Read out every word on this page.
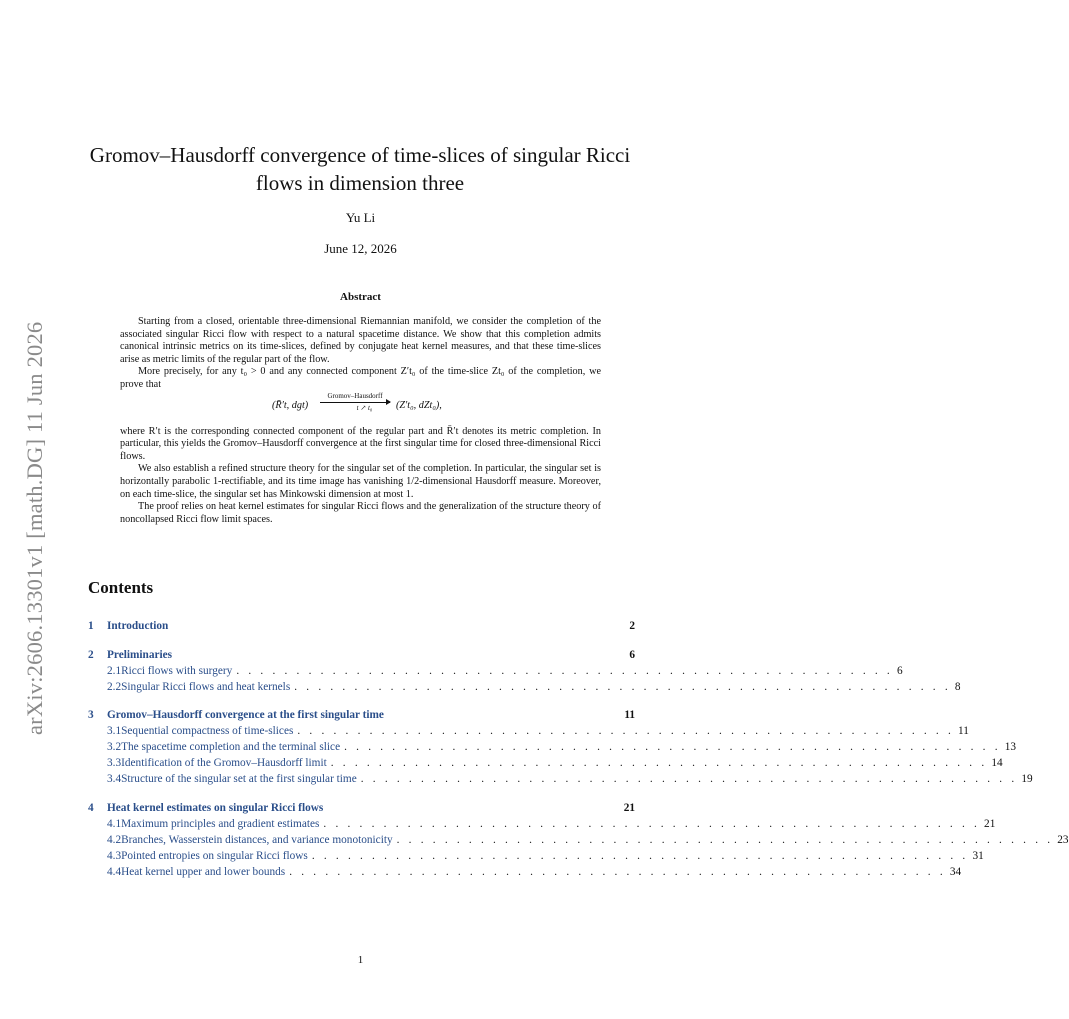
arXiv:2606.13301v1 [math.DG] 11 Jun 2026
Gromov–Hausdorff convergence of time-slices of singular Ricci flows in dimension three
Yu Li
June 12, 2026
Abstract

Starting from a closed, orientable three-dimensional Riemannian manifold, we consider the completion of the associated singular Ricci flow with respect to a natural spacetime distance. We show that this completion admits canonical intrinsic metrics on its time-slices, defined by conjugate heat kernel measures, and that these time-slices arise as metric limits of the regular part of the flow.

More precisely, for any t₀ > 0 and any connected component Z′t₀ of the time-slice Zt₀ of the completion, we prove that

(R̄′t, dgt)
Gromov–Hausdorff
t ↗ t₀	(Z′t₀, dZt₀),

where R′t is the corresponding connected component of the regular part and R̄′t denotes its metric completion. In particular, this yields the Gromov–Hausdorff convergence at the first singular time for closed three-dimensional Ricci flows.

We also establish a refined structure theory for the singular set of the completion. In particular, the singular set is horizontally parabolic 1-rectifiable, and its time image has vanishing 1/2-dimensional Hausdorff measure. Moreover, on each time-slice, the singular set has Minkowski dimension at most 1.

The proof relies on heat kernel estimates for singular Ricci flows and the generalization of the structure theory of noncollapsed Ricci flow limit spaces.

Contents
1	Introduction	2
2	Preliminaries	6
2.1 Ricci flows with surgery . . . . . . . . . . . . . . . . . . . . . . . . . . . . . . . . . . . . . . . . . . . . . . . . . . . . . . . 6
2.2 Singular Ricci flows and heat kernels . . . . . . . . . . . . . . . . . . . . . . . . . . . . . . . . . . . . . . . . . . . . . . . . . . . . . . . 8
3	Gromov–Hausdorff convergence at the first singular time	11
3.1 Sequential compactness of time-slices . . . . . . . . . . . . . . . . . . . . . . . . . . . . . . . . . . . . . . . . . . . . . . . . . . . . . . . 11
3.2 The spacetime completion and the terminal slice . . . . . . . . . . . . . . . . . . . . . . . . . . . . . . . . . . . . . . . . . . . . . . . . . . . . . . . 13
3.3 Identification of the Gromov–Hausdorff limit . . . . . . . . . . . . . . . . . . . . . . . . . . . . . . . . . . . . . . . . . . . . . . . . . . . . . . . 14
3.4 Structure of the singular set at the first singular time . . . . . . . . . . . . . . . . . . . . . . . . . . . . . . . . . . . . . . . . . . . . . . . . . . . . . . . 19
4	Heat kernel estimates on singular Ricci flows	21
4.1 Maximum principles and gradient estimates . . . . . . . . . . . . . . . . . . . . . . . . . . . . . . . . . . . . . . . . . . . . . . . . . . . . . . . 21
4.2 Branches, Wasserstein distances, and variance monotonicity . . . . . . . . . . . . . . . . . . . . . . . . . . . . . . . . . . . . . . . . . . . . . . . . . . . . . . . 23
4.3 Pointed entropies on singular Ricci flows . . . . . . . . . . . . . . . . . . . . . . . . . . . . . . . . . . . . . . . . . . . . . . . . . . . . . . . 31
4.4 Heat kernel upper and lower bounds . . . . . . . . . . . . . . . . . . . . . . . . . . . . . . . . . . . . . . . . . . . . . . . . . . . . . . . 34
1
